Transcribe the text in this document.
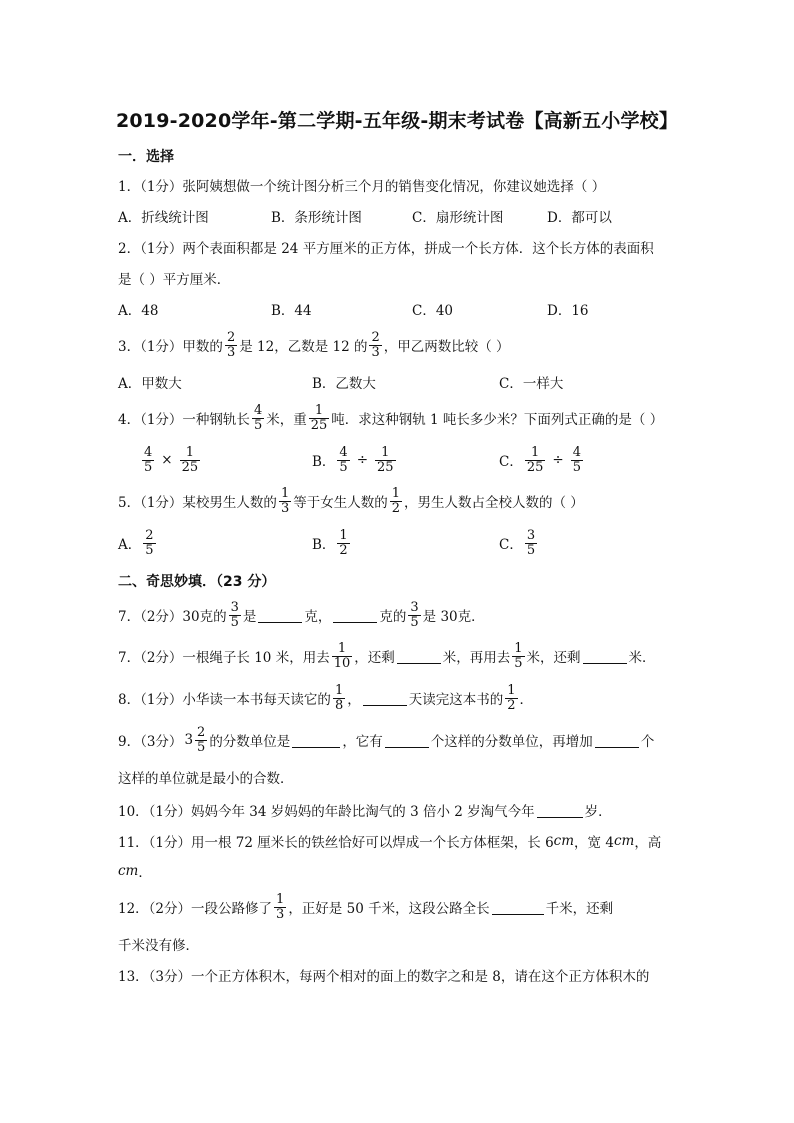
2019-2020学年-第二学期-五年级-期末考试卷【高新五小学校】
一．选择
1．（1分）张阿姨想做一个统计图分析三个月的销售变化情况，你建议她选择（ ）
A．折线统计图	B．条形统计图	C．扇形统计图	D．都可以
2．（1分）两个表面积都是 24 平方厘米的正方体，拼成一个长方体．这个长方体的表面积
是（ ）平方厘米．
A．48	B．44	C．40	D．16
3．（1分）甲数的 $\frac{2}{3}$ 是 12，乙数是 12 的 $\frac{2}{3}$ ，甲乙两数比较（ ）
A．甲数大	B．乙数大	C．一样大
4．（1分）一种钢轨长 $\frac{4}{5}$ 米，重 $\frac{1}{25}$ 吨．求这种钢轨 1 吨长多少米？下面列式正确的是（ ）
$\frac{4}{5} \times \frac{1}{25}$	B． $\frac{4}{5} \div \frac{1}{25}$	C． $\frac{1}{25} \div \frac{4}{5}$
5．（1分）某校男生人数的 $\frac{1}{3}$ 等于女生人数的 $\frac{1}{2}$ ，男生人数占全校人数的（ ）
A． $\frac{2}{5}$	B． $\frac{1}{2}$	C． $\frac{3}{5}$
二、奇思妙填．（23 分）
7．（2分）30克的 $\frac{3}{5}$ 是	克，	克的 $\frac{3}{5}$ 是 30克．
7．（2分）一根绳子长 10 米，用去 $\frac{1}{10}$ ，还剩	米，再用去 $\frac{1}{5}$ 米，还剩	米．
8．（1分）小华读一本书每天读它的 $\frac{1}{8}$ ，	天读完这本书的 $\frac{1}{2}$ ．
9．（3分） $3 \frac{2}{5}$ 的分数单位是	，它有	个这样的分数单位，再增加	个
这样的单位就是最小的合数．
10．（1分）妈妈今年 34 岁妈妈的年龄比淘气的 3 倍小 2 岁淘气今年	岁．
11．（1分）用一根 72 厘米长的铁丝恰好可以焊成一个长方体框架，长 6 cm ，宽 4 cm ，高
cm ．
12．（2分）一段公路修了 $\frac{1}{3}$ ，正好是 50 千米，这段公路全长	千米，还剩
千米没有修．
13．（3分）一个正方体积木，每两个相对的面上的数字之和是 8，请在这个正方体积木的
